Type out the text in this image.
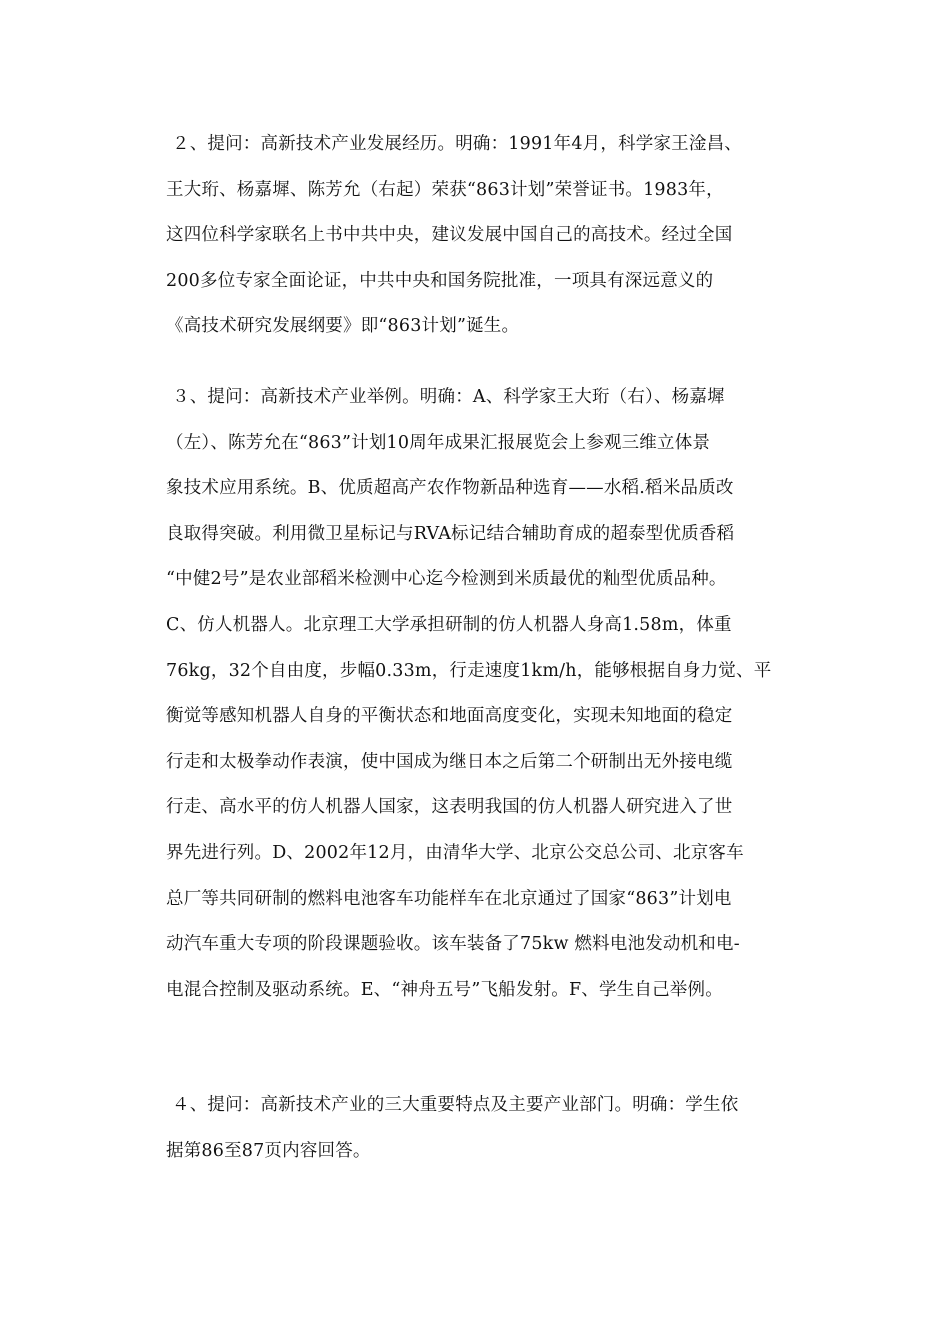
２、提问：高新技术产业发展经历。明确：1991年4月，科学家王淦昌、
王大珩、杨嘉墀、陈芳允（右起）荣获“863计划”荣誉证书。1983年，
这四位科学家联名上书中共中央，建议发展中国自己的高技术。经过全国
200多位专家全面论证，中共中央和国务院批准，一项具有深远意义的
《高技术研究发展纲要》即“863计划”诞生。

３、提问：高新技术产业举例。明确：A、科学家王大珩（右）、杨嘉墀
（左）、陈芳允在“863”计划10周年成果汇报展览会上参观三维立体景
象技术应用系统。B、优质超高产农作物新品种选育——水稻.稻米品质改
良取得突破。利用微卫星标记与RVA标记结合辅助育成的超泰型优质香稻
“中健2号”是农业部稻米检测中心迄今检测到米质最优的籼型优质品种。
C、仿人机器人。北京理工大学承担研制的仿人机器人身高1.58m，体重
76kg，32个自由度，步幅0.33m，行走速度1km/h，能够根据自身力觉、平
衡觉等感知机器人自身的平衡状态和地面高度变化，实现未知地面的稳定
行走和太极拳动作表演，使中国成为继日本之后第二个研制出无外接电缆
行走、高水平的仿人机器人国家，这表明我国的仿人机器人研究进入了世
界先进行列。D、2002年12月，由清华大学、北京公交总公司、北京客车
总厂等共同研制的燃料电池客车功能样车在北京通过了国家“863”计划电
动汽车重大专项的阶段课题验收。该车装备了75kw 燃料电池发动机和电-
电混合控制及驱动系统。E、“神舟五号”飞船发射。F、学生自己举例。

４、提问：高新技术产业的三大重要特点及主要产业部门。明确：学生依
据第86至87页内容回答。
